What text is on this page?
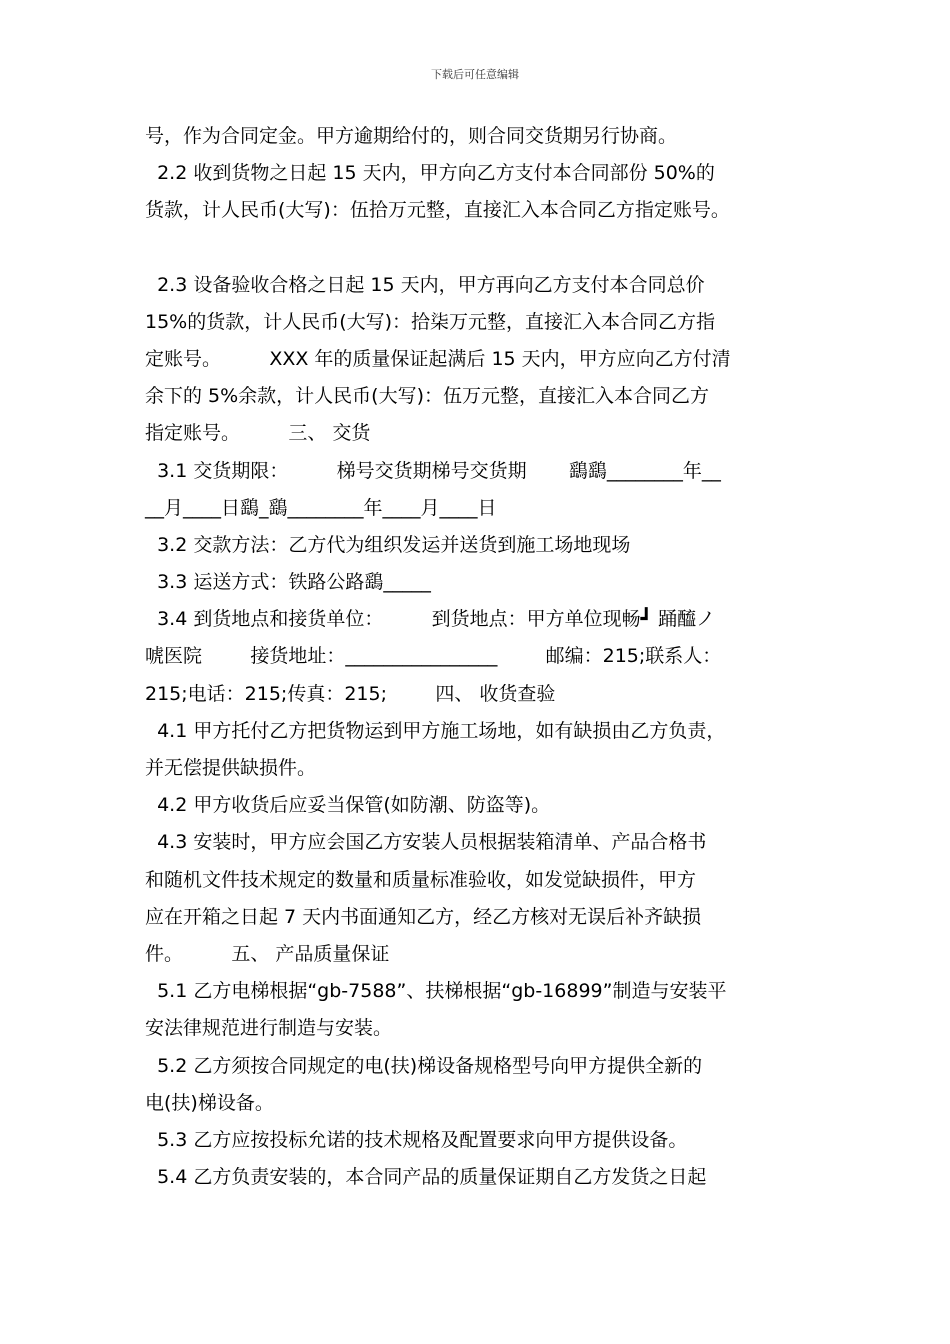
下载后可任意编辑
号，作为合同定金。甲方逾期给付的，则合同交货期另行协商。
2.2 收到货物之日起 15 天内，甲方向乙方支付本合同部份 50%的
货款，计人民币(大写)：伍拾万元整，直接汇入本合同乙方指定账号。
2.3 设备验收合格之日起 15 天内，甲方再向乙方支付本合同总价
15%的货款，计人民币(大写)：拾柒万元整，直接汇入本合同乙方指
定账号。        XXX 年的质量保证起满后 15 天内，甲方应向乙方付清
余下的 5%余款，计人民币(大写)：伍万元整，直接汇入本合同乙方
指定账号。        三、 交货
3.1 交货期限：        梯号交货期梯号交货期       鷂鷂________年__
__月____日鷂_鷂________年____月____日
3.2 交款方法：乙方代为组织发运并送货到施工场地现场
3.3 运送方式：铁路公路鷂_____
3.4 到货地点和接货单位：        到货地点：甲方单位现畅┛ 踊醯ノ
唬医院        接货地址：________________        邮编：215;联系人：
215;电话：215;传真：215;        四、 收货查验
4.1 甲方托付乙方把货物运到甲方施工场地，如有缺损由乙方负责，
并无偿提供缺损件。
4.2 甲方收货后应妥当保管(如防潮、防盗等)。
4.3 安装时，甲方应会国乙方安装人员根据装箱清单、产品合格书
和随机文件技术规定的数量和质量标准验收，如发觉缺损件，甲方
应在开箱之日起 7 天内书面通知乙方，经乙方核对无误后补齐缺损
件。        五、 产品质量保证
5.1 乙方电梯根据“gb-7588”、扶梯根据“gb-16899”制造与安装平
安法律规范进行制造与安装。
5.2 乙方须按合同规定的电(扶)梯设备规格型号向甲方提供全新的
电(扶)梯设备。
5.3 乙方应按投标允诺的技术规格及配置要求向甲方提供设备。
5.4 乙方负责安装的，本合同产品的质量保证期自乙方发货之日起
